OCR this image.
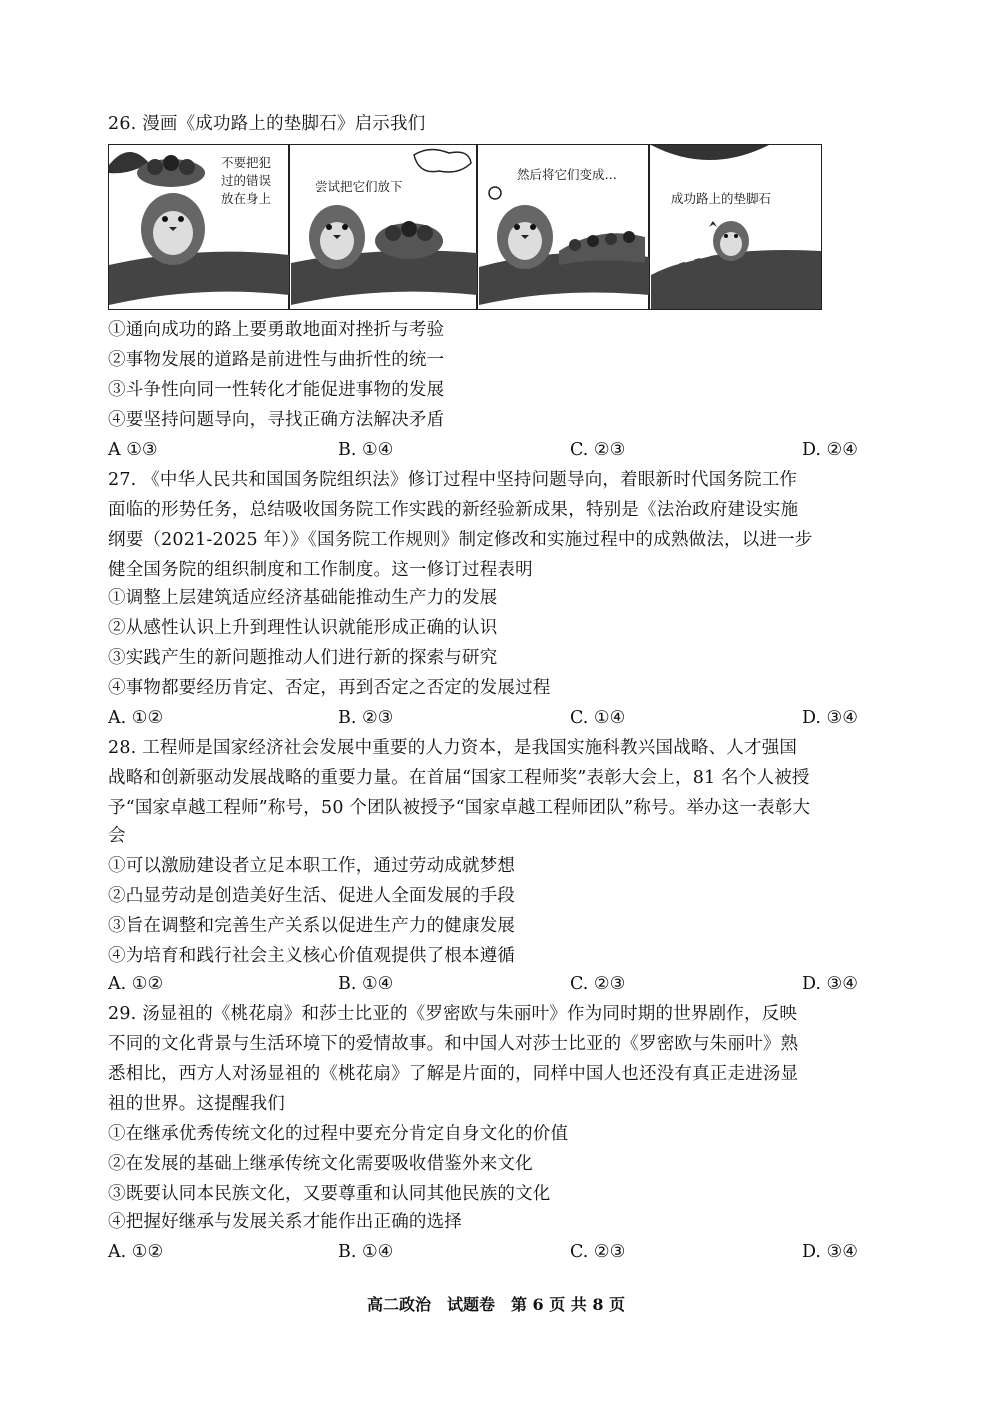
26. 漫画《成功路上的垫脚石》启示我们
不要把犯
过的错误
放在身上
尝试把它们放下
然后将它们变成…
成功路上的垫脚石
①通向成功的路上要勇敢地面对挫折与考验
②事物发展的道路是前进性与曲折性的统一
③斗争性向同一性转化才能促进事物的发展
④要坚持问题导向，寻找正确方法解决矛盾
A ①③	B. ①④	C. ②③	D. ②④
27. 《中华人民共和国国务院组织法》修订过程中坚持问题导向，着眼新时代国务院工作
面临的形势任务，总结吸收国务院工作实践的新经验新成果，特别是《法治政府建设实施
纲要（2021-2025 年）》《国务院工作规则》制定修改和实施过程中的成熟做法，以进一步
健全国务院的组织制度和工作制度。这一修订过程表明
①调整上层建筑适应经济基础能推动生产力的发展
②从感性认识上升到理性认识就能形成正确的认识
③实践产生的新问题推动人们进行新的探索与研究
④事物都要经历肯定、否定，再到否定之否定的发展过程
A. ①②	B. ②③	C. ①④	D. ③④
28. 工程师是国家经济社会发展中重要的人力资本，是我国实施科教兴国战略、人才强国
战略和创新驱动发展战略的重要力量。在首届“国家工程师奖”表彰大会上，81 名个人被授
予“国家卓越工程师”称号，50 个团队被授予“国家卓越工程师团队”称号。举办这一表彰大
会
①可以激励建设者立足本职工作，通过劳动成就梦想
②凸显劳动是创造美好生活、促进人全面发展的手段
③旨在调整和完善生产关系以促进生产力的健康发展
④为培育和践行社会主义核心价值观提供了根本遵循
A. ①②	B. ①④	C. ②③	D. ③④
29. 汤显祖的《桃花扇》和莎士比亚的《罗密欧与朱丽叶》作为同时期的世界剧作，反映
不同的文化背景与生活环境下的爱情故事。和中国人对莎士比亚的《罗密欧与朱丽叶》熟
悉相比，西方人对汤显祖的《桃花扇》了解是片面的，同样中国人也还没有真正走进汤显
祖的世界。这提醒我们
①在继承优秀传统文化的过程中要充分肯定自身文化的价值
②在发展的基础上继承传统文化需要吸收借鉴外来文化
③既要认同本民族文化，又要尊重和认同其他民族的文化
④把握好继承与发展关系才能作出正确的选择
A. ①②	B. ①④	C. ②③	D. ③④
高二政治　试题卷　第 6 页 共 8 页
